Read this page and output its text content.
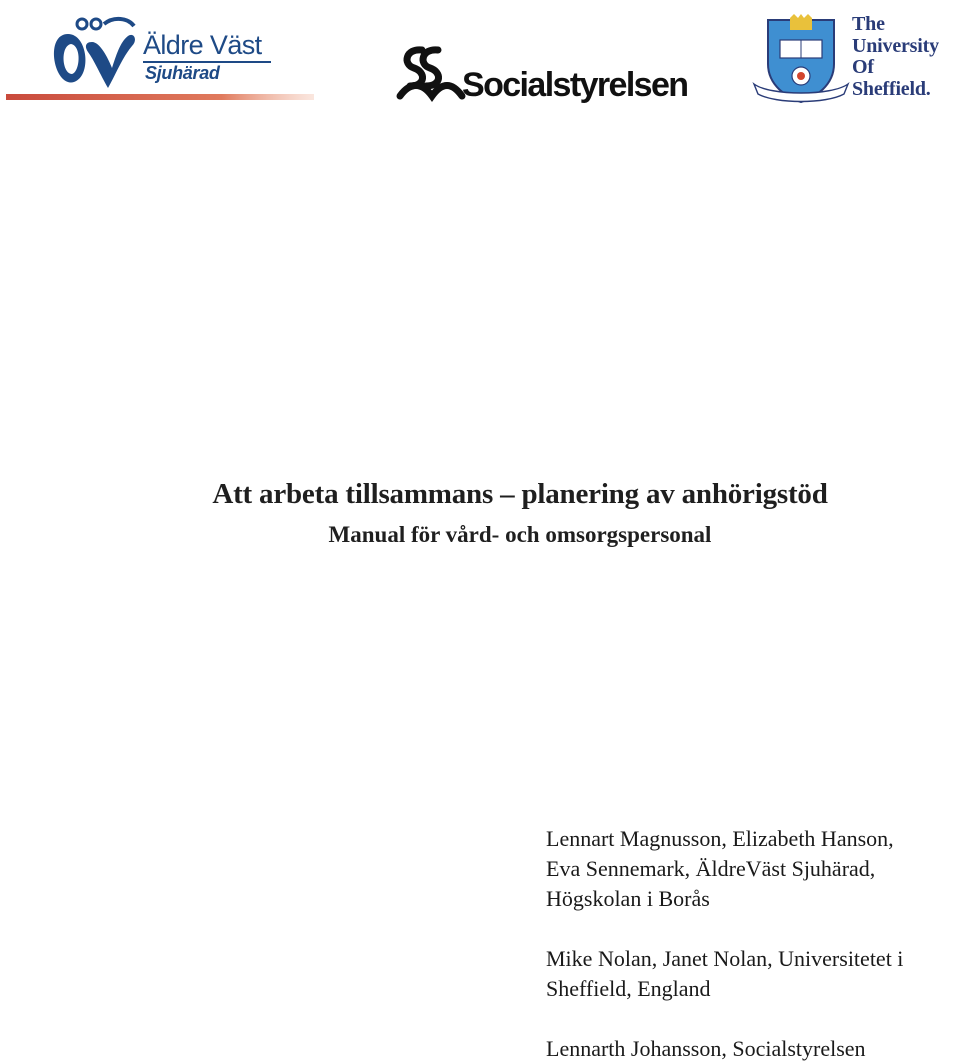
Äldre Väst
Sjuhärad	Socialstyrelsen
The
University
Of
Sheffield.
Att arbeta tillsammans – planering av anhörigstöd
Manual för vård- och omsorgspersonal

Lennart Magnusson, Elizabeth Hanson,

Eva Sennemark, ÄldreVäst Sjuhärad,

Högskolan i Borås

Mike Nolan, Janet Nolan, Universitetet i

Sheffield, England

Lennarth Johansson, Socialstyrelsen
